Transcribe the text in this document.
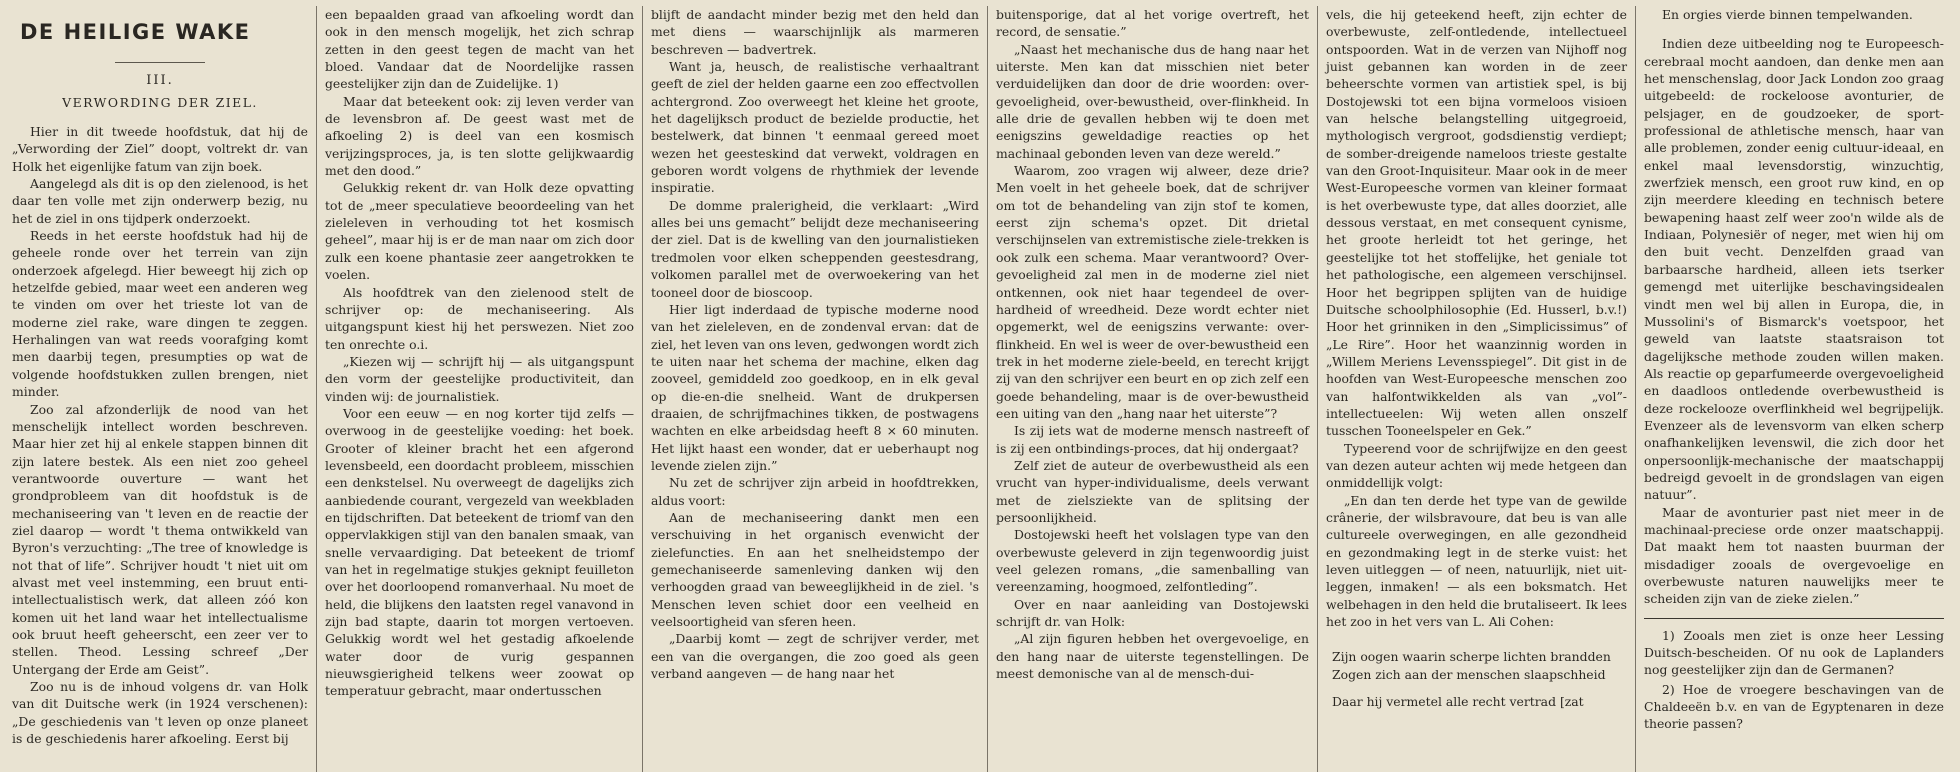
DE HEILIGE WAKE
III.
VERWORDING DER ZIEL.

Hier in dit tweede hoofdstuk, dat hij de „Verwording der Ziel” doopt, voltrekt dr. van Holk het eigenlijke fatum van zijn boek.

Aangelegd als dit is op den zielenood, is het daar ten volle met zijn onderwerp bezig, nu het de ziel in ons tijdperk onderzoekt.

Reeds in het eerste hoofdstuk had hij de geheele ronde over het terrein van zijn onderzoek afgelegd. Hier beweegt hij zich op hetzelfde gebied, maar weet een anderen weg te vinden om over het trieste lot van de moderne ziel rake, ware dingen te zeggen. Herhalingen van wat reeds voorafging komt men daarbij tegen, presumpties op wat de volgende hoofdstukken zullen brengen, niet minder.

Zoo zal afzonderlijk de nood van het menschelijk intellect worden beschreven. Maar hier zet hij al enkele stappen binnen dit zijn latere bestek. Als een niet zoo geheel verantwoorde ouverture — want het grondprobleem van dit hoofdstuk is de mechaniseering van 't leven en de reactie der ziel daarop — wordt 't thema ontwikkeld van Byron's verzuchting: „The tree of knowledge is not that of life”. Schrijver houdt 't niet uit om alvast met veel instemming, een bruut enti-intellectualistisch werk, dat alleen zóó kon komen uit het land waar het intellectualisme ook bruut heeft geheerscht, een zeer ver to stellen. Theod. Lessing schreef „Der Untergang der Erde am Geist”.

Zoo nu is de inhoud volgens dr. van Holk van dit Duitsche werk (in 1924 verschenen): „De geschiedenis van 't leven op onze planeet is de geschiedenis harer afkoeling. Eerst bij

een bepaalden graad van afkoeling wordt dan ook in den mensch mogelijk, het zich schrap zetten in den geest tegen de macht van het bloed. Vandaar dat de Noordelijke rassen geestelijker zijn dan de Zuidelijke. 1)

Maar dat beteekent ook: zij leven verder van de levensbron af. De geest wast met de afkoeling 2) is deel van een kosmisch verijzingsproces, ja, is ten slotte gelijkwaardig met den dood.”

Gelukkig rekent dr. van Holk deze opvatting tot de „meer speculatieve beoordeeling van het zieleleven in verhouding tot het kosmisch geheel”, maar hij is er de man naar om zich door zulk een koene phantasie zeer aangetrokken te voelen.

Als hoofdtrek van den zielenood stelt de schrijver op: de mechaniseering. Als uitgangspunt kiest hij het perswezen. Niet zoo ten onrechte o.i.

„Kiezen wij — schrijft hij — als uitgangspunt den vorm der geestelijke productiviteit, dan vinden wij: de journalistiek.

Voor een eeuw — en nog korter tijd zelfs — overwoog in de geestelijke voeding: het boek. Grooter of kleiner bracht het een afgerond levensbeeld, een doordacht probleem, misschien een denkstelsel. Nu overweegt de dagelijks zich aanbiedende courant, vergezeld van weekbladen en tijdschriften. Dat beteekent de triomf van den oppervlakkigen stijl van den banalen smaak, van snelle vervaardiging. Dat beteekent de triomf van het in regelmatige stukjes geknipt feuilleton over het doorloopend romanverhaal. Nu moet de held, die blijkens den laatsten regel vanavond in zijn bad stapte, daarin tot morgen vertoeven. Gelukkig wordt wel het gestadig afkoelende water door de vurig gespannen nieuwsgierigheid telkens weer zoowat op temperatuur gebracht, maar ondertusschen

blijft de aandacht minder bezig met den held dan met diens — waarschijnlijk als marmeren beschreven — badvertrek.

Want ja, heusch, de realistische verhaaltrant geeft de ziel der helden gaarne een zoo effectvollen achtergrond. Zoo overweegt het kleine het groote, het dagelijksch product de bezielde productie, het bestelwerk, dat binnen 't eenmaal gereed moet wezen het geesteskind dat verwekt, voldragen en geboren wordt volgens de rhythmiek der levende inspiratie.

De domme pralerigheid, die verklaart: „Wird alles bei uns gemacht” belijdt deze mechaniseering der ziel. Dat is de kwelling van den journalistieken tredmolen voor elken scheppenden geestesdrang, volkomen parallel met de overwoekering van het tooneel door de bioscoop.

Hier ligt inderdaad de typische moderne nood van het zieleleven, en de zondenval ervan: dat de ziel, het leven van ons leven, gedwongen wordt zich te uiten naar het schema der machine, elken dag zooveel, gemiddeld zoo goedkoop, en in elk geval op die-en-die snelheid. Want de drukpersen draaien, de schrijfmachines tikken, de postwagens wachten en elke arbeidsdag heeft 8 × 60 minuten. Het lijkt haast een wonder, dat er ueberhaupt nog levende zielen zijn.”

Nu zet de schrijver zijn arbeid in hoofdtrekken, aldus voort:

Aan de mechaniseering dankt men een verschuiving in het organisch evenwicht der zielefuncties. En aan het snelheidstempo der gemechaniseerde samenleving danken wij den verhoogden graad van beweeglijkheid in de ziel. 's Menschen leven schiet door een veelheid en veelsoortigheid van sferen heen.

„Daarbij komt — zegt de schrijver verder, met een van die overgangen, die zoo goed als geen verband aangeven — de hang naar het

buitensporige, dat al het vorige overtreft, het record, de sensatie.”

„Naast het mechanische dus de hang naar het uiterste. Men kan dat misschien niet beter verduidelijken dan door de drie woorden: over-gevoeligheid, over-bewustheid, over-flinkheid. In alle drie de gevallen hebben wij te doen met eenigszins geweldadige reacties op het machinaal gebonden leven van deze wereld.”

Waarom, zoo vragen wij alweer, deze drie? Men voelt in het geheele boek, dat de schrijver om tot de behandeling van zijn stof te komen, eerst zijn schema's opzet. Dit drietal verschijnselen van extremistische ziele-trekken is ook zulk een schema. Maar verantwoord? Over-gevoeligheid zal men in de moderne ziel niet ontkennen, ook niet haar tegendeel de over-hardheid of wreedheid. Deze wordt echter niet opgemerkt, wel de eenigszins verwante: over-flinkheid. En wel is weer de over-bewustheid een trek in het moderne ziele-beeld, en terecht krijgt zij van den schrijver een beurt en op zich zelf een goede behandeling, maar is de over-bewustheid een uiting van den „hang naar het uiterste”?

Is zij iets wat de moderne mensch nastreeft of is zij een ontbindings-proces, dat hij ondergaat?

Zelf ziet de auteur de overbewustheid als een vrucht van hyper-individualisme, deels verwant met de zielsziekte van de splitsing der persoonlijkheid.

Dostojewski heeft het volslagen type van den overbewuste geleverd in zijn tegenwoordig juist veel gelezen romans, „die samenballing van vereenzaming, hoogmoed, zelfontleding”.

Over en naar aanleiding van Dostojewski schrijft dr. van Holk:

„Al zijn figuren hebben het overgevoelige, en den hang naar de uiterste tegenstellingen. De meest demonische van al de mensch-dui-

vels, die hij geteekend heeft, zijn echter de overbewuste, zelf-ontledende, intellectueel ontspoorden. Wat in de verzen van Nijhoff nog juist gebannen kan worden in de zeer beheerschte vormen van artistiek spel, is bij Dostojewski tot een bijna vormeloos visioen van helsche belangstelling uitgegroeid, mythologisch vergroot, godsdienstig verdiept; de somber-dreigende nameloos trieste gestalte van den Groot-Inquisiteur. Maar ook in de meer West-Europeesche vormen van kleiner formaat is het overbewuste type, dat alles doorziet, alle dessous verstaat, en met consequent cynisme, het groote herleidt tot het geringe, het geestelijke tot het stoffelijke, het geniale tot het pathologische, een algemeen verschijnsel. Hoor het begrippen splijten van de huidige Duitsche schoolphilosophie (Ed. Husserl, b.v.!) Hoor het grinniken in den „Simplicissimus” of „Le Rire”. Hoor het waanzinnig worden in „Willem Meriens Levensspiegel”. Dit gist in de hoofden van West-Europeesche menschen zoo van halfontwikkelden als van „vol”-intellectueelen: Wij weten allen onszelf tusschen Tooneelspeler en Gek.”

Typeerend voor de schrijfwijze en den geest van dezen auteur achten wij mede hetgeen dan onmiddellijk volgt:

„En dan ten derde het type van de gewilde crânerie, der wilsbravoure, dat beu is van alle cultureele overwegingen, en alle gezondheid en gezondmaking legt in de sterke vuist: het leven uitleggen — of neen, natuurlijk, niet uit-leggen, inmaken! — als een boksmatch. Het welbehagen in den held die brutaliseert. Ik lees het zoo in het vers van L. Ali Cohen:

Zijn oogen waarin scherpe lichten brandden
Zogen zich aan der menschen slaapschheid
Daar hij vermetel alle recht vertrad [zat

En orgies vierde binnen tempelwanden.

Indien deze uitbeelding nog te Europeesch-cerebraal mocht aandoen, dan denke men aan het menschenslag, door Jack London zoo graag uitgebeeld: de rockeloose avonturier, de pelsjager, en de goudzoeker, de sport-professional de athletische mensch, haar van alle problemen, zonder eenig cultuur-ideaal, en enkel maal levensdorstig, winzuchtig, zwerfziek mensch, een groot ruw kind, en op zijn meerdere kleeding en technisch betere bewapening haast zelf weer zoo'n wilde als de Indiaan, Polynesiër of neger, met wien hij om den buit vecht. Denzelfden graad van barbaarsche hardheid, alleen iets tserker gemengd met uiterlijke beschavingsidealen vindt men wel bij allen in Europa, die, in Mussolini's of Bismarck's voetspoor, het geweld van laatste staatsraison tot dagelijksche methode zouden willen maken. Als reactie op geparfumeerde overgevoeligheid en daadloos ontledende overbewustheid is deze rockelooze overflinkheid wel begrijpelijk. Evenzeer als de levensvorm van elken scherp onafhankelijken levenswil, die zich door het onpersoonlijk-mechanische der maatschappij bedreigd gevoelt in de grondslagen van eigen natuur”.

Maar de avonturier past niet meer in de machinaal-preciese orde onzer maatschappij. Dat maakt hem tot naasten buurman der misdadiger zooals de overgevoelige en overbewuste naturen nauwelijks meer te scheiden zijn van de zieke zielen.”

1) Zooals men ziet is onze heer Lessing Duitsch-bescheiden. Of nu ook de Laplanders nog geestelijker zijn dan de Germanen?

2) Hoe de vroegere beschavingen van de Chaldeeën b.v. en van de Egyptenaren in deze theorie passen?
